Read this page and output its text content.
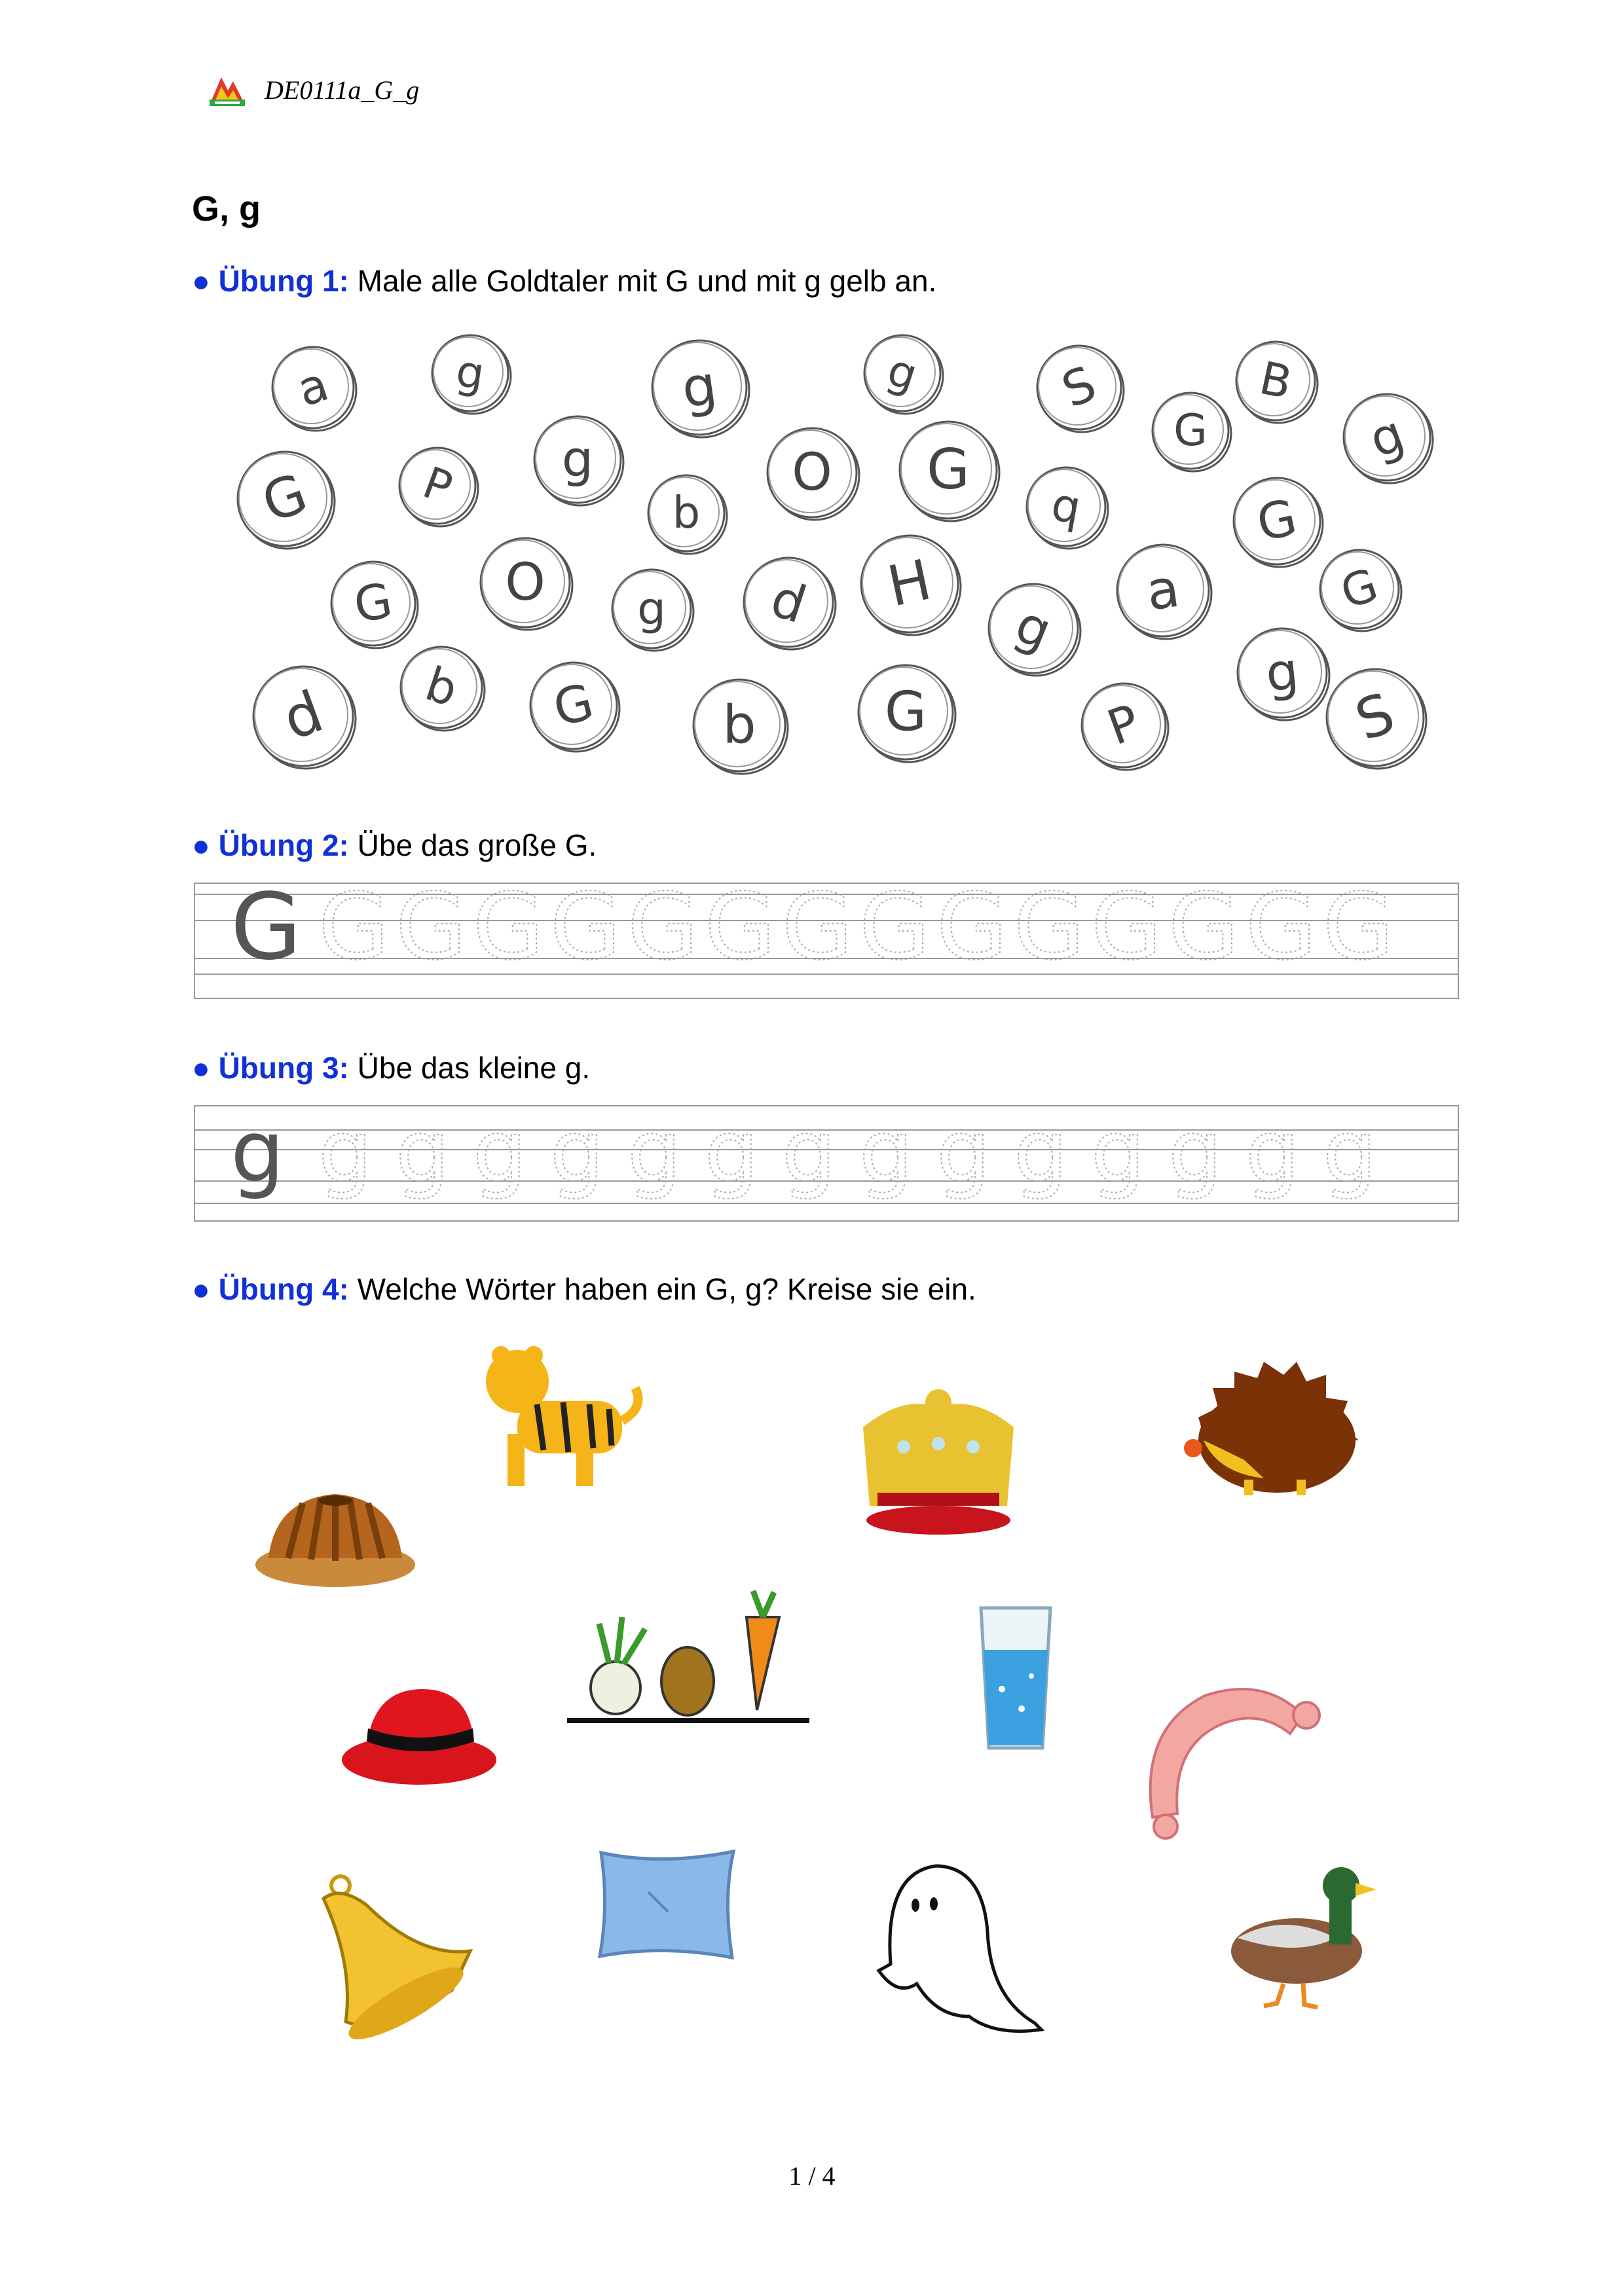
DE0111a_G_g
G, g
● Übung 1: Male alle Goldtaler mit G und mit g gelb an.
● Übung 2: Übe das große G.
● Übung 3: Übe das kleine g.
● Übung 4: Welche Wörter haben ein G, g? Kreise sie ein.
a	g	g	g	S	B
G	g
G P g
b
O G
q	G
G O g d H
g
a	G
d b G b G	P
g
S
G G G G G G G G G G G G G G G
g g g g g g g g g g g g g g g
1 / 4
